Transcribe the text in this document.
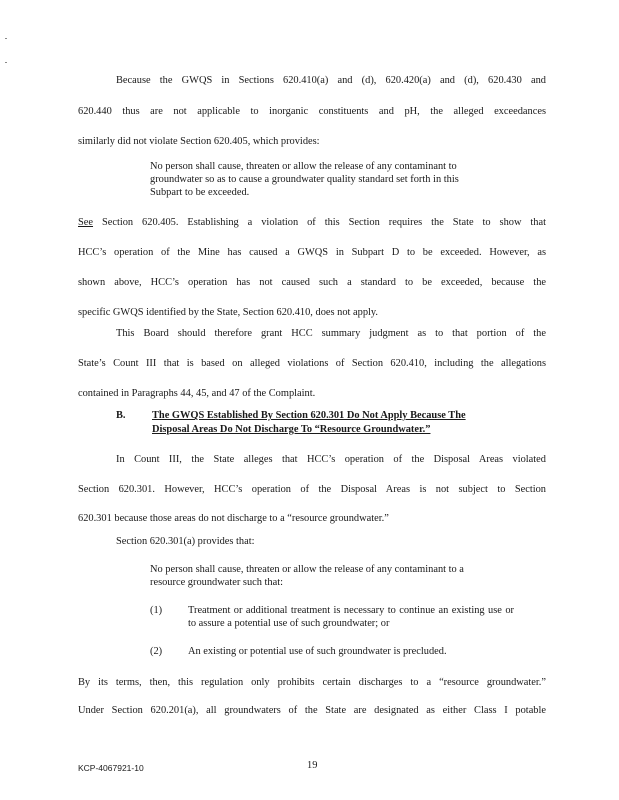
Because the GWQS in Sections 620.410(a) and (d), 620.420(a) and (d), 620.430 and
620.440 thus are not applicable to inorganic constituents and pH, the alleged exceedances
similarly did not violate Section 620.405, which provides:
No person shall cause, threaten or allow the release of any contaminant to groundwater so as to cause a groundwater quality standard set forth in this Subpart to be exceeded.
See Section 620.405. Establishing a violation of this Section requires the State to show that
HCC’s operation of the Mine has caused a GWQS in Subpart D to be exceeded. However, as
shown above, HCC’s operation has not caused such a standard to be exceeded, because the
specific GWQS identified by the State, Section 620.410, does not apply.
This Board should therefore grant HCC summary judgment as to that portion of the
State’s Count III that is based on alleged violations of Section 620.410, including the allegations
contained in Paragraphs 44, 45, and 47 of the Complaint.
B.	The GWQS Established By Section 620.301 Do Not Apply Because The
Disposal Areas Do Not Discharge To “Resource Groundwater.”
In Count III, the State alleges that HCC’s operation of the Disposal Areas violated
Section 620.301. However, HCC’s operation of the Disposal Areas is not subject to Section
620.301 because those areas do not discharge to a “resource groundwater.”
Section 620.301(a) provides that:
No person shall cause, threaten or allow the release of any contaminant to a resource groundwater such that:
(1) Treatment or additional treatment is necessary to continue an existing use or to assure a potential use of such groundwater; or
(2) An existing or potential use of such groundwater is precluded.
By its terms, then, this regulation only prohibits certain discharges to a “resource groundwater.”
Under Section 620.201(a), all groundwaters of the State are designated as either Class I potable
KCP-4067921-10	19
